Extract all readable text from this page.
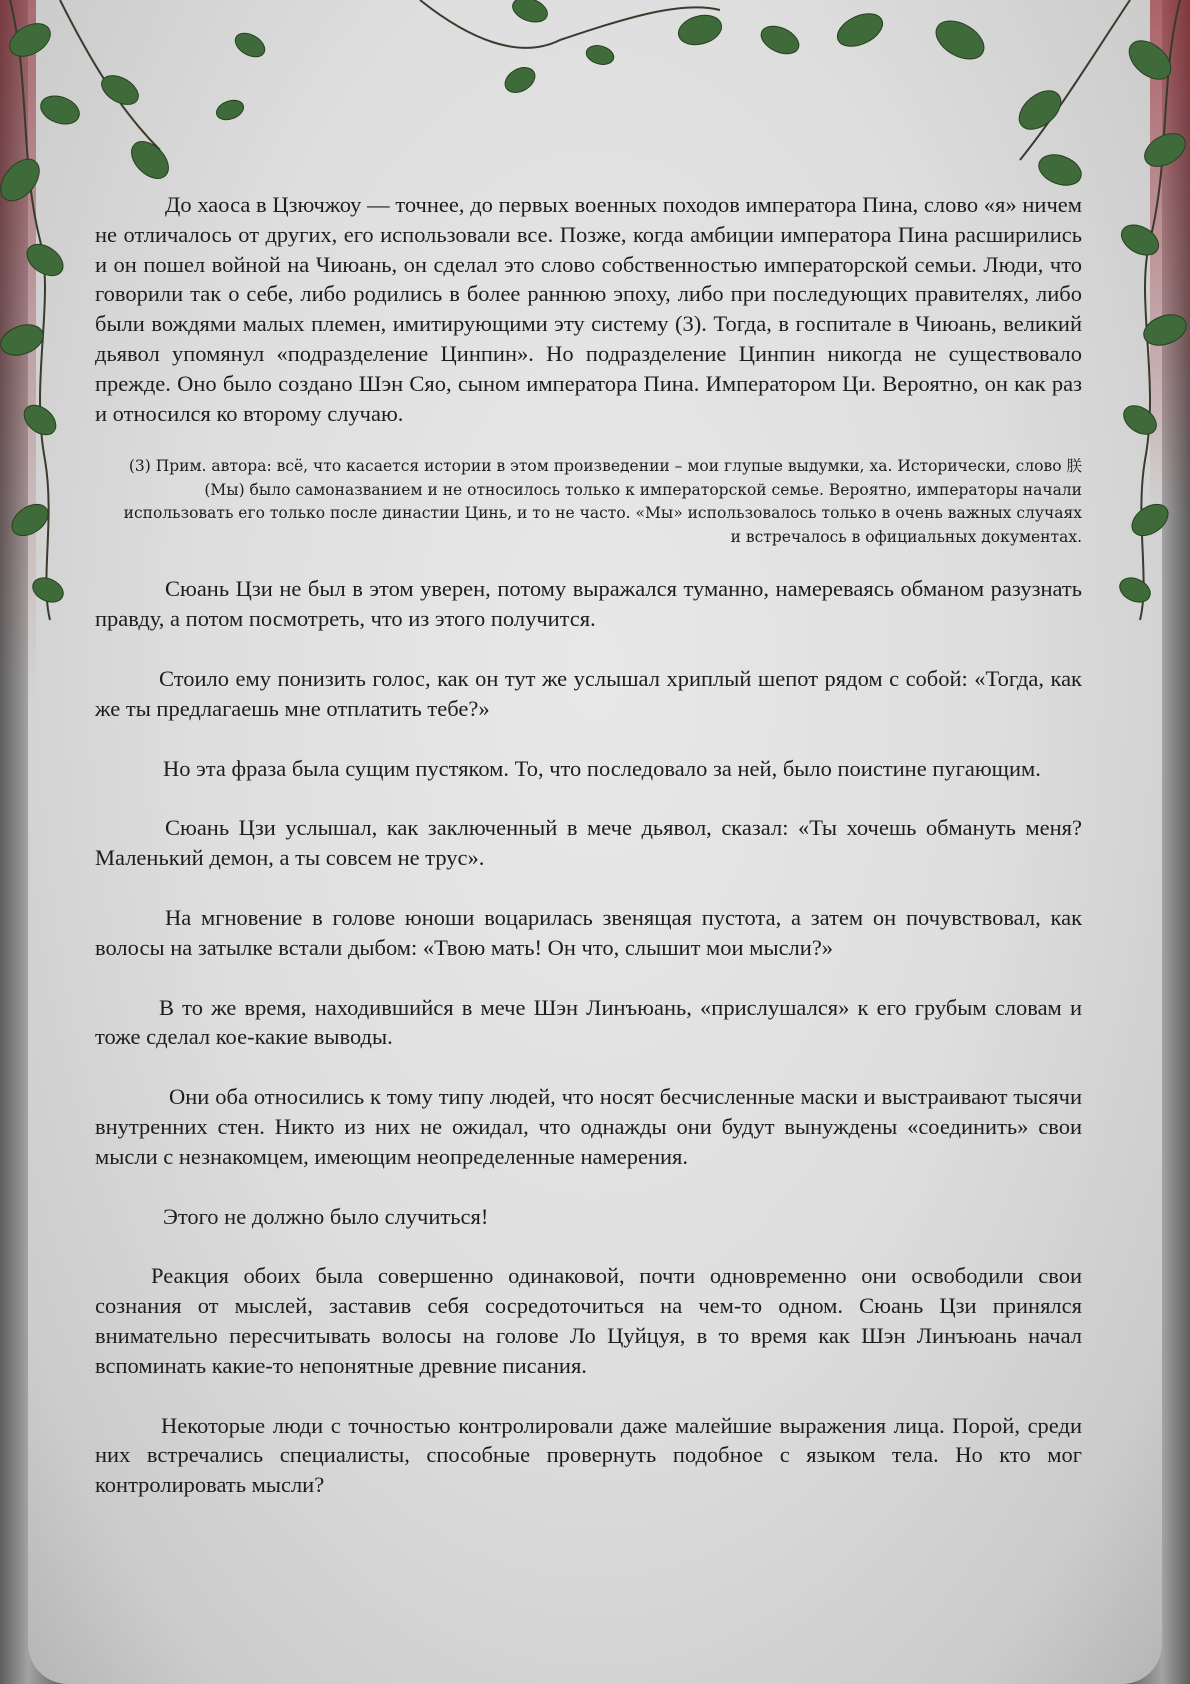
До хаоса в Цзючжоу — точнее, до первых военных походов императора Пина, слово «я» ничем не отличалось от других, его использовали все. Позже, когда амбиции императора Пина расширились и он пошел войной на Чиюань, он сделал это слово собственностью императорской семьи. Люди, что говорили так о себе, либо родились в более раннюю эпоху, либо при последующих правителях, либо были вождями малых племен, имитирующими эту систему (3). Тогда, в госпитале в Чиюань, великий дьявол упомянул «подразделение Цинпин». Но подразделение Цинпин никогда не существовало прежде. Оно было создано Шэн Сяо, сыном императора Пина. Императором Ци. Вероятно, он как раз и относился ко второму случаю.

(3) Прим. автора: всё, что касается истории в этом произведении – мои глупые выдумки, ха. Исторически, слово 朕 (Мы) было самоназванием и не относилось только к императорской семье. Вероятно, императоры начали использовать его только после династии Цинь, и то не часто. «Мы» использовалось только в очень важных случаях и встречалось в официальных документах.

Сюань Цзи не был в этом уверен, потому выражался туманно, намереваясь обманом разузнать правду, а потом посмотреть, что из этого получится.

Стоило ему понизить голос, как он тут же услышал хриплый шепот рядом с собой: «Тогда, как же ты предлагаешь мне отплатить тебе?»

Но эта фраза была сущим пустяком. То, что последовало за ней, было поистине пугающим.

Сюань Цзи услышал, как заключенный в мече дьявол, сказал: «Ты хочешь обмануть меня? Маленький демон, а ты совсем не трус».

На мгновение в голове юноши воцарилась звенящая пустота, а затем он почувствовал, как волосы на затылке встали дыбом: «Твою мать! Он что, слышит мои мысли?»

В то же время, находившийся в мече Шэн Линъюань, «прислушался» к его грубым словам и тоже сделал кое-какие выводы.

Они оба относились к тому типу людей, что носят бесчисленные маски и выстраивают тысячи внутренних стен. Никто из них не ожидал, что однажды они будут вынуждены «соединить» свои мысли с незнакомцем, имеющим неопределенные намерения.

Этого не должно было случиться!

Реакция обоих была совершенно одинаковой, почти одновременно они освободили свои сознания от мыслей, заставив себя сосредоточиться на чем-то одном. Сюань Цзи принялся внимательно пересчитывать волосы на голове Ло Цуйцуя, в то время как Шэн Линъюань начал вспоминать какие-то непонятные древние писания.

Некоторые люди с точностью контролировали даже малейшие выражения лица. Порой, среди них встречались специалисты, способные провернуть подобное с языком тела. Но кто мог контролировать мысли?
